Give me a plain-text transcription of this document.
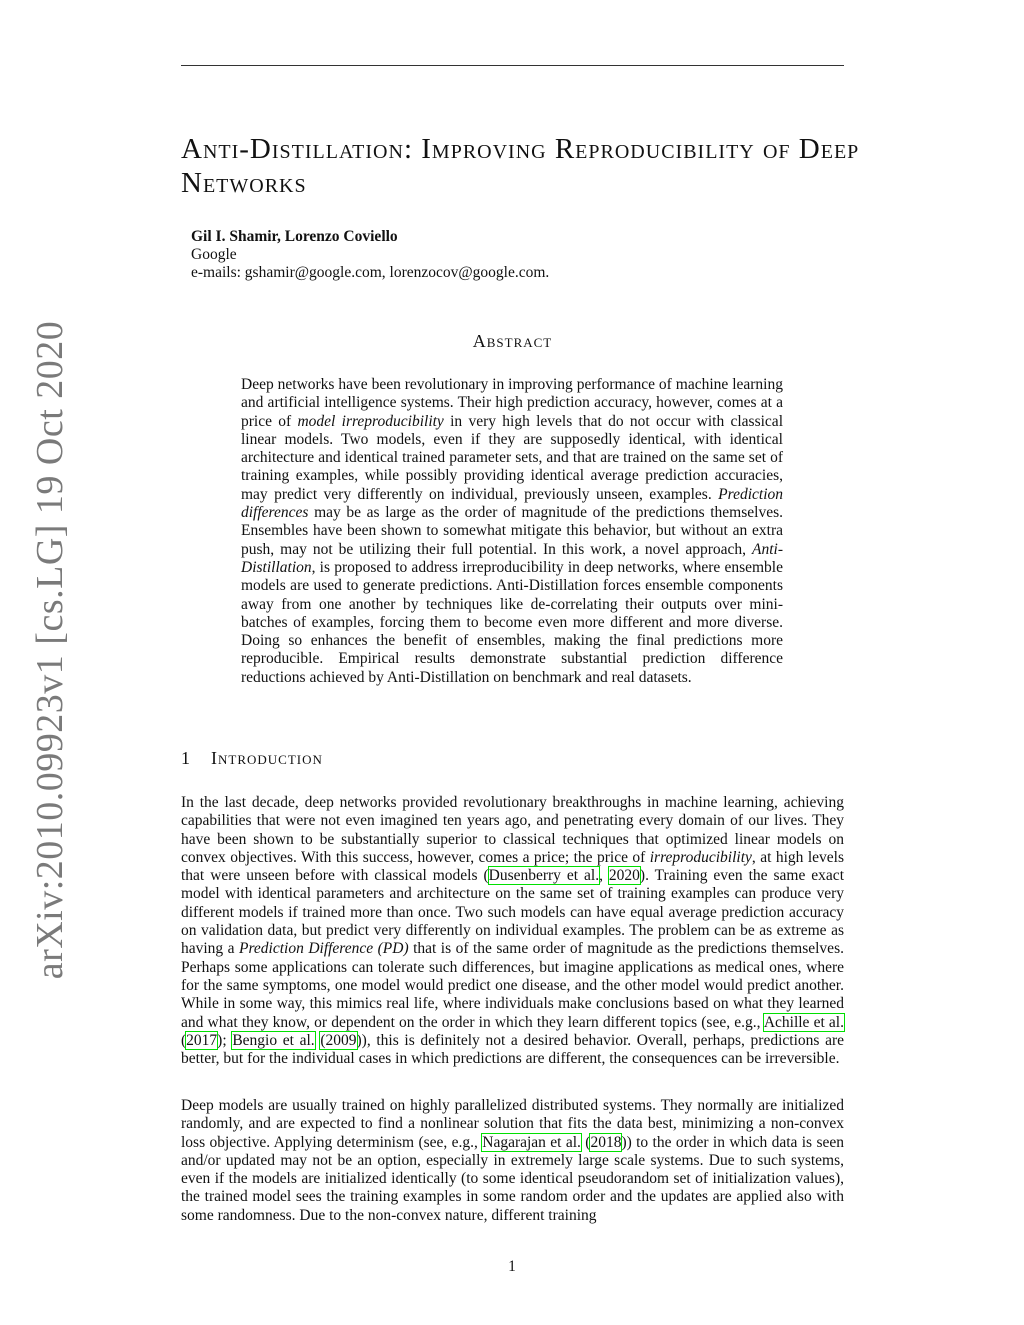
arXiv:2010.09923v1 [cs.LG] 19 Oct 2020
Anti-Distillation: Improving Reproducibility of Deep Networks
Gil I. Shamir, Lorenzo Coviello
Google
e-mails: gshamir@google.com, lorenzocov@google.com.
Abstract

Deep networks have been revolutionary in improving performance of machine learning and artificial intelligence systems. Their high prediction accuracy, however, comes at a price of model irreproducibility in very high levels that do not occur with classical linear models. Two models, even if they are supposedly identical, with identical architecture and identical trained parameter sets, and that are trained on the same set of training examples, while possibly providing identical average prediction accuracies, may predict very differently on individual, previously unseen, examples. Prediction differences may be as large as the order of magnitude of the predictions themselves. Ensembles have been shown to somewhat mitigate this behavior, but without an extra push, may not be utilizing their full potential. In this work, a novel approach, Anti-Distillation, is proposed to address irreproducibility in deep networks, where ensemble models are used to generate predictions. Anti-Distillation forces ensemble components away from one another by techniques like de-correlating their outputs over mini-batches of examples, forcing them to become even more different and more diverse. Doing so enhances the benefit of ensembles, making the final predictions more reproducible. Empirical results demonstrate substantial prediction difference reductions achieved by Anti-Distillation on benchmark and real datasets.

1 Introduction

In the last decade, deep networks provided revolutionary breakthroughs in machine learning, achieving capabilities that were not even imagined ten years ago, and penetrating every domain of our lives. They have been shown to be substantially superior to classical techniques that optimized linear models on convex objectives. With this success, however, comes a price; the price of irreproducibility, at high levels that were unseen before with classical models (Dusenberry et al., 2020). Training even the same exact model with identical parameters and architecture on the same set of training examples can produce very different models if trained more than once. Two such models can have equal average prediction accuracy on validation data, but predict very differently on individual examples. The problem can be as extreme as having a Prediction Difference (PD) that is of the same order of magnitude as the predictions themselves. Perhaps some applications can tolerate such differences, but imagine applications as medical ones, where for the same symptoms, one model would predict one disease, and the other model would predict another. While in some way, this mimics real life, where individuals make conclusions based on what they learned and what they know, or dependent on the order in which they learn different topics (see, e.g., Achille et al. (2017); Bengio et al. (2009)), this is definitely not a desired behavior. Overall, perhaps, predictions are better, but for the individual cases in which predictions are different, the consequences can be irreversible.

Deep models are usually trained on highly parallelized distributed systems. They normally are initialized randomly, and are expected to find a nonlinear solution that fits the data best, minimizing a non-convex loss objective. Applying determinism (see, e.g., Nagarajan et al. (2018)) to the order in which data is seen and/or updated may not be an option, especially in extremely large scale systems. Due to such systems, even if the models are initialized identically (to some identical pseudorandom set of initialization values), the trained model sees the training examples in some random order and the updates are applied also with some randomness. Due to the non-convex nature, different training

1
